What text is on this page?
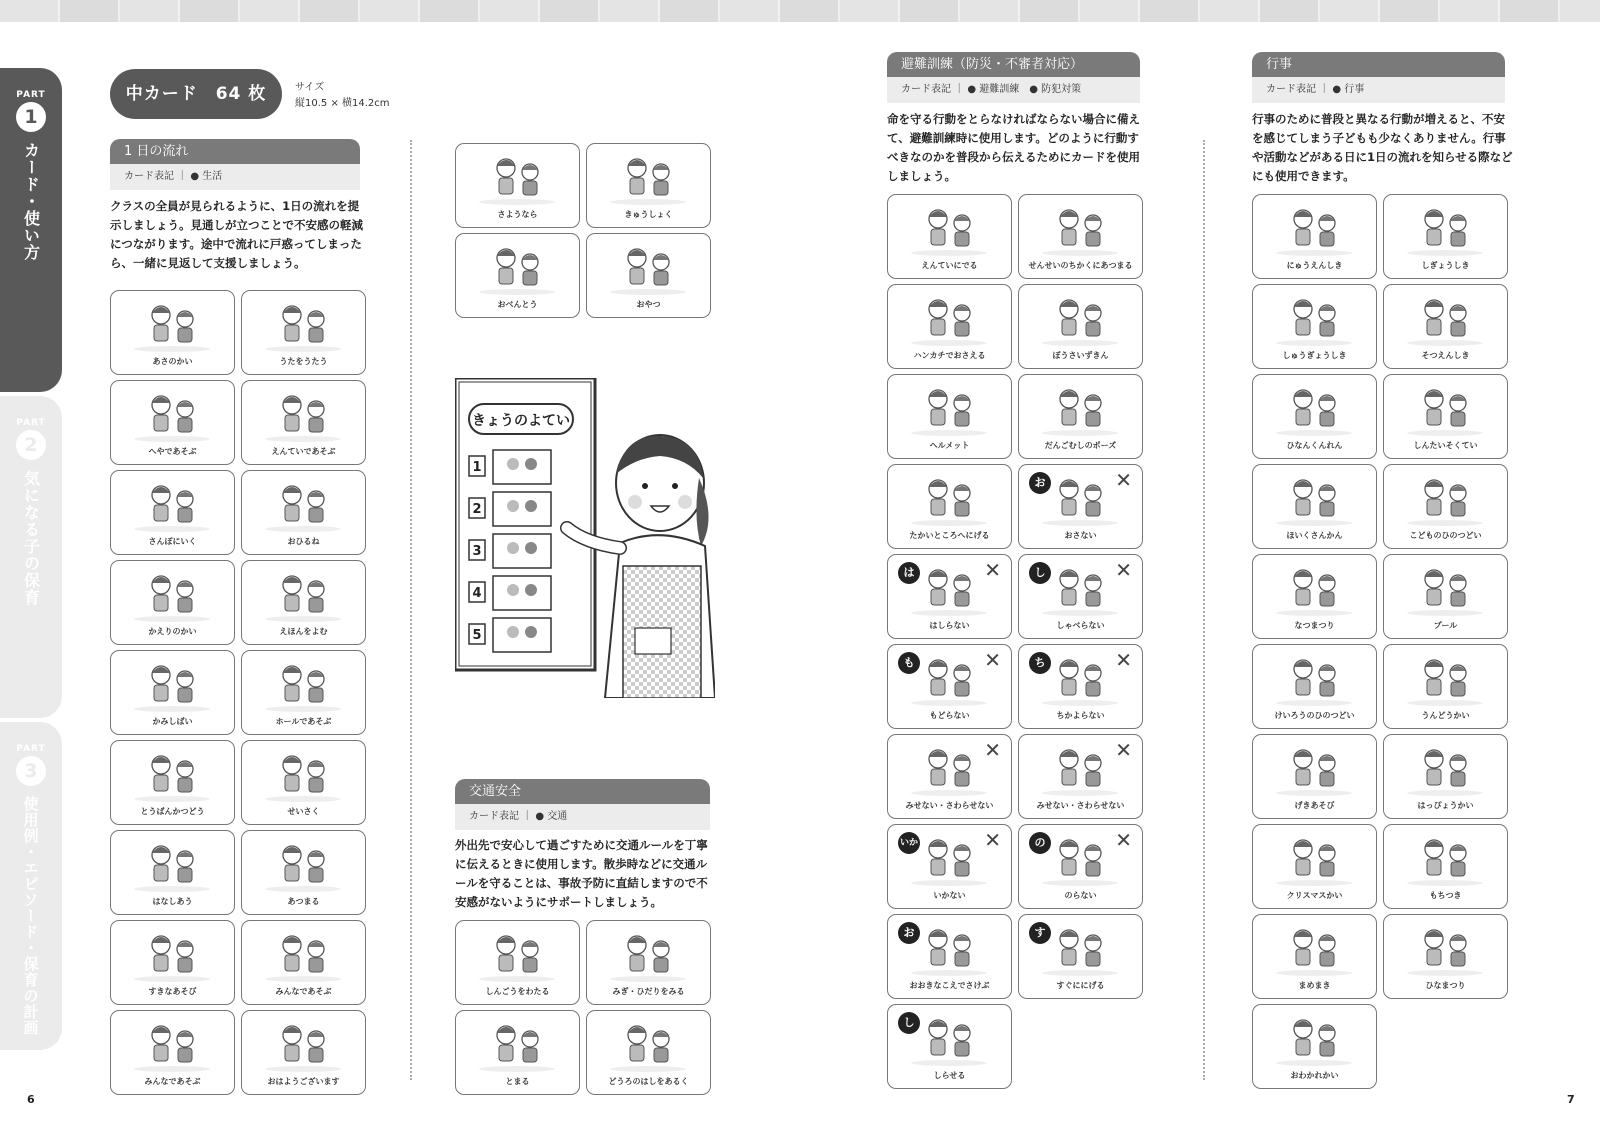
PART
1
カード・使い方
PART
2
気になる子の保育
PART
3
使用例・エピソード・保育の計画
中カード　64 枚	サイズ
縦10.5 × 横14.2cm
1 日の流れ
カード表記 ｜ ● 生活
クラスの全員が見られるように、1日の流れを提示しましょう。見通しが立つことで不安感の軽減につながります。途中で流れに戸惑ってしまったら、一緒に見返して支援しましょう。
交通安全
カード表記 ｜ ● 交通
外出先で安心して過ごすために交通ルールを丁寧に伝えるときに使用します。散歩時などに交通ルールを守ることは、事故予防に直結しますので不安感がないようにサポートしましょう。
避難訓練（防災・不審者対応）
カード表記 ｜ ● 避難訓練　● 防犯対策
命を守る行動をとらなければならない場合に備えて、避難訓練時に使用します。どのように行動すべきなのかを普段から伝えるためにカードを使用しましょう。
行事
カード表記 ｜ ● 行事
行事のために普段と異なる行動が増えると、不安を感じてしまう子どもも少なくありません。行事や活動などがある日に1日の流れを知らせる際などにも使用できます。
きょうのよてい
1
2
3
4
5
あさのかい	うたをうたう
へやであそぶ	えんていであそぶ
さんぽにいく	おひるね
かえりのかい	えほんをよむ
かみしばい	ホールであそぶ
とうばんかつどう	せいさく
はなしあう	あつまる
すきなあそび	みんなであそぶ
みんなであそぶ	おはようございます
さようなら	きゅうしょく
おべんとう	おやつ
しんごうをわたる	みぎ・ひだりをみる
とまる	どうろのはしをあるく
えんていにでる	せんせいのちかくにあつまる
ハンカチでおさえる	ぼうさいずきん
ヘルメット	だんごむしのポーズ
たかいところへにげる	おさない
お	✕
はしらない
は	✕
しゃべらない
し	✕
もどらない
も	✕
ちかよらない
ち	✕
みせない・さわらせない
✕
みせない・さわらせない
✕
いかない
いか	✕
のらない
の	✕
おおきなこえでさけぶ
お
すぐににげる
す
しらせる
し
にゅうえんしき	しぎょうしき
しゅうぎょうしき	そつえんしき
ひなんくんれん	しんたいそくてい
ほいくさんかん	こどものひのつどい
なつまつり	プール
けいろうのひのつどい	うんどうかい
げきあそび	はっぴょうかい
クリスマスかい	もちつき
まめまき	ひなまつり
おわかれかい
6	7
